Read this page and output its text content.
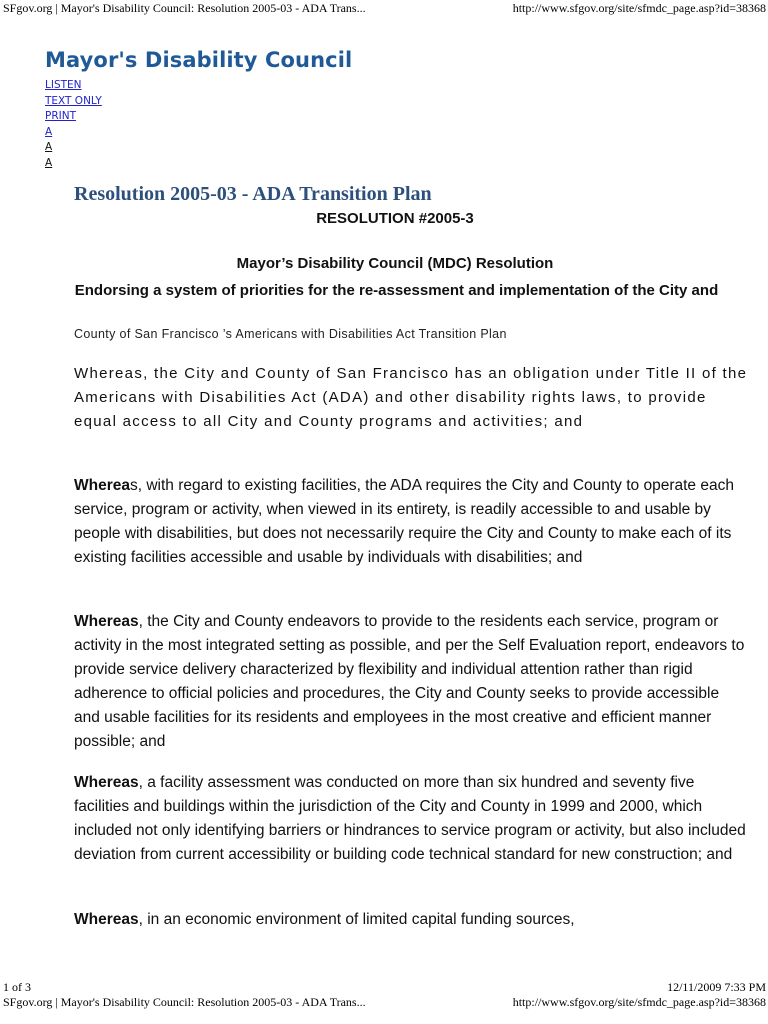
SFgov.org | Mayor's Disability Council: Resolution 2005-03 - ADA Trans...	http://www.sfgov.org/site/sfmdc_page.asp?id=38368
Mayor's Disability Council
LISTEN
TEXT ONLY
PRINT
A
A
A
Resolution 2005-03 - ADA Transition Plan

RESOLUTION #2005-3

Mayor’s Disability Council (MDC) Resolution

Endorsing a system of priorities for the re-assessment and implementation of the City and

County of San Francisco ’s Americans with Disabilities Act Transition Plan

Whereas, the City and County of San Francisco has an obligation under Title II of the Americans with Disabilities Act (ADA) and other disability rights laws, to provide equal access to all City and County programs and activities; and

Whereas, with regard to existing facilities, the ADA requires the City and County to operate each service, program or activity, when viewed in its entirety, is readily accessible to and usable by people with disabilities, but does not necessarily require the City and County to make each of its existing facilities accessible and usable by individuals with disabilities; and

Whereas, the City and County endeavors to provide to the residents each service, program or activity in the most integrated setting as possible, and per the Self Evaluation report, endeavors to provide service delivery characterized by flexibility and individual attention rather than rigid adherence to official policies and procedures, the City and County seeks to provide accessible and usable facilities for its residents and employees in the most creative and efficient manner possible; and

Whereas, a facility assessment was conducted on more than six hundred and seventy five facilities and buildings within the jurisdiction of the City and County in 1999 and 2000, which included not only identifying barriers or hindrances to service program or activity, but also included deviation from current accessibility or building code technical standard for new construction; and

Whereas, in an economic environment of limited capital funding sources,

1 of 3	12/11/2009 7:33 PM
SFgov.org | Mayor's Disability Council: Resolution 2005-03 - ADA Trans...	http://www.sfgov.org/site/sfmdc_page.asp?id=38368
